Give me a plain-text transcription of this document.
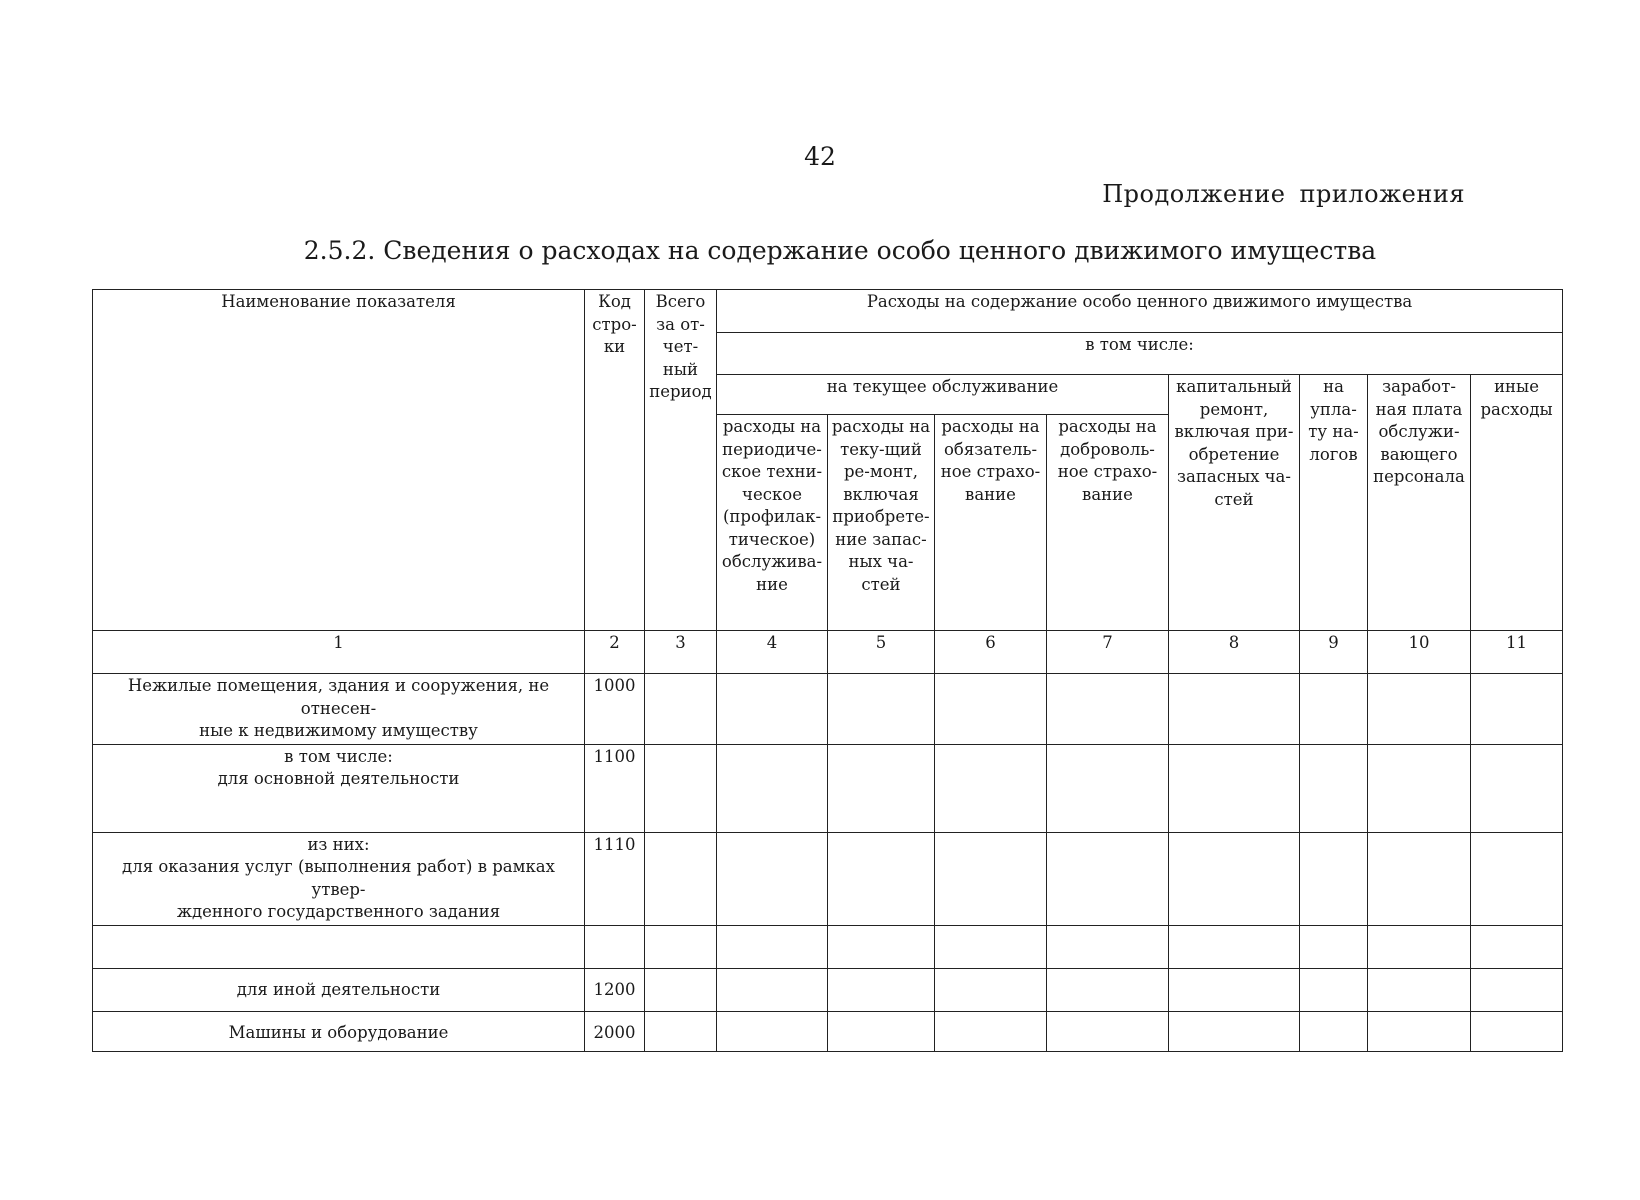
42
Продолжение приложения
2.5.2. Сведения о расходах на содержание особо ценного движимого имущества
Наименование показателя	Код стро-ки	Всего за от-чет-ный период	Расходы на содержание особо ценного движимого имущества							
			в том числе:							
			на текущее обслуживание				капитальный ремонт, включая при-обретение запасных ча-стей	на упла-ту на-логов	заработ-ная плата обслужи-вающего персонала	иные расходы
			расходы на периодиче-ское техни-ческое (профилак-тическое) обслужива-ние	расходы на теку-щий ре-монт, включая приобрете-ние запас-ных ча-стей	расходы на обязатель-ное страхо-вание	расходы на доброволь-ное страхо-вание				
1	2	3	4	5	6	7	8	9	10	11

Нежилые помещения, здания и сооружения, не отнесен-
ные к недвижимому имуществу	1000									

в том числе:
для основной деятельности	1100									

из них:
для оказания услуг (выполнения работ) в рамках утвер-
жденного государственного задания	1110									

для иной деятельности	1200									

Машины и оборудование	2000									
